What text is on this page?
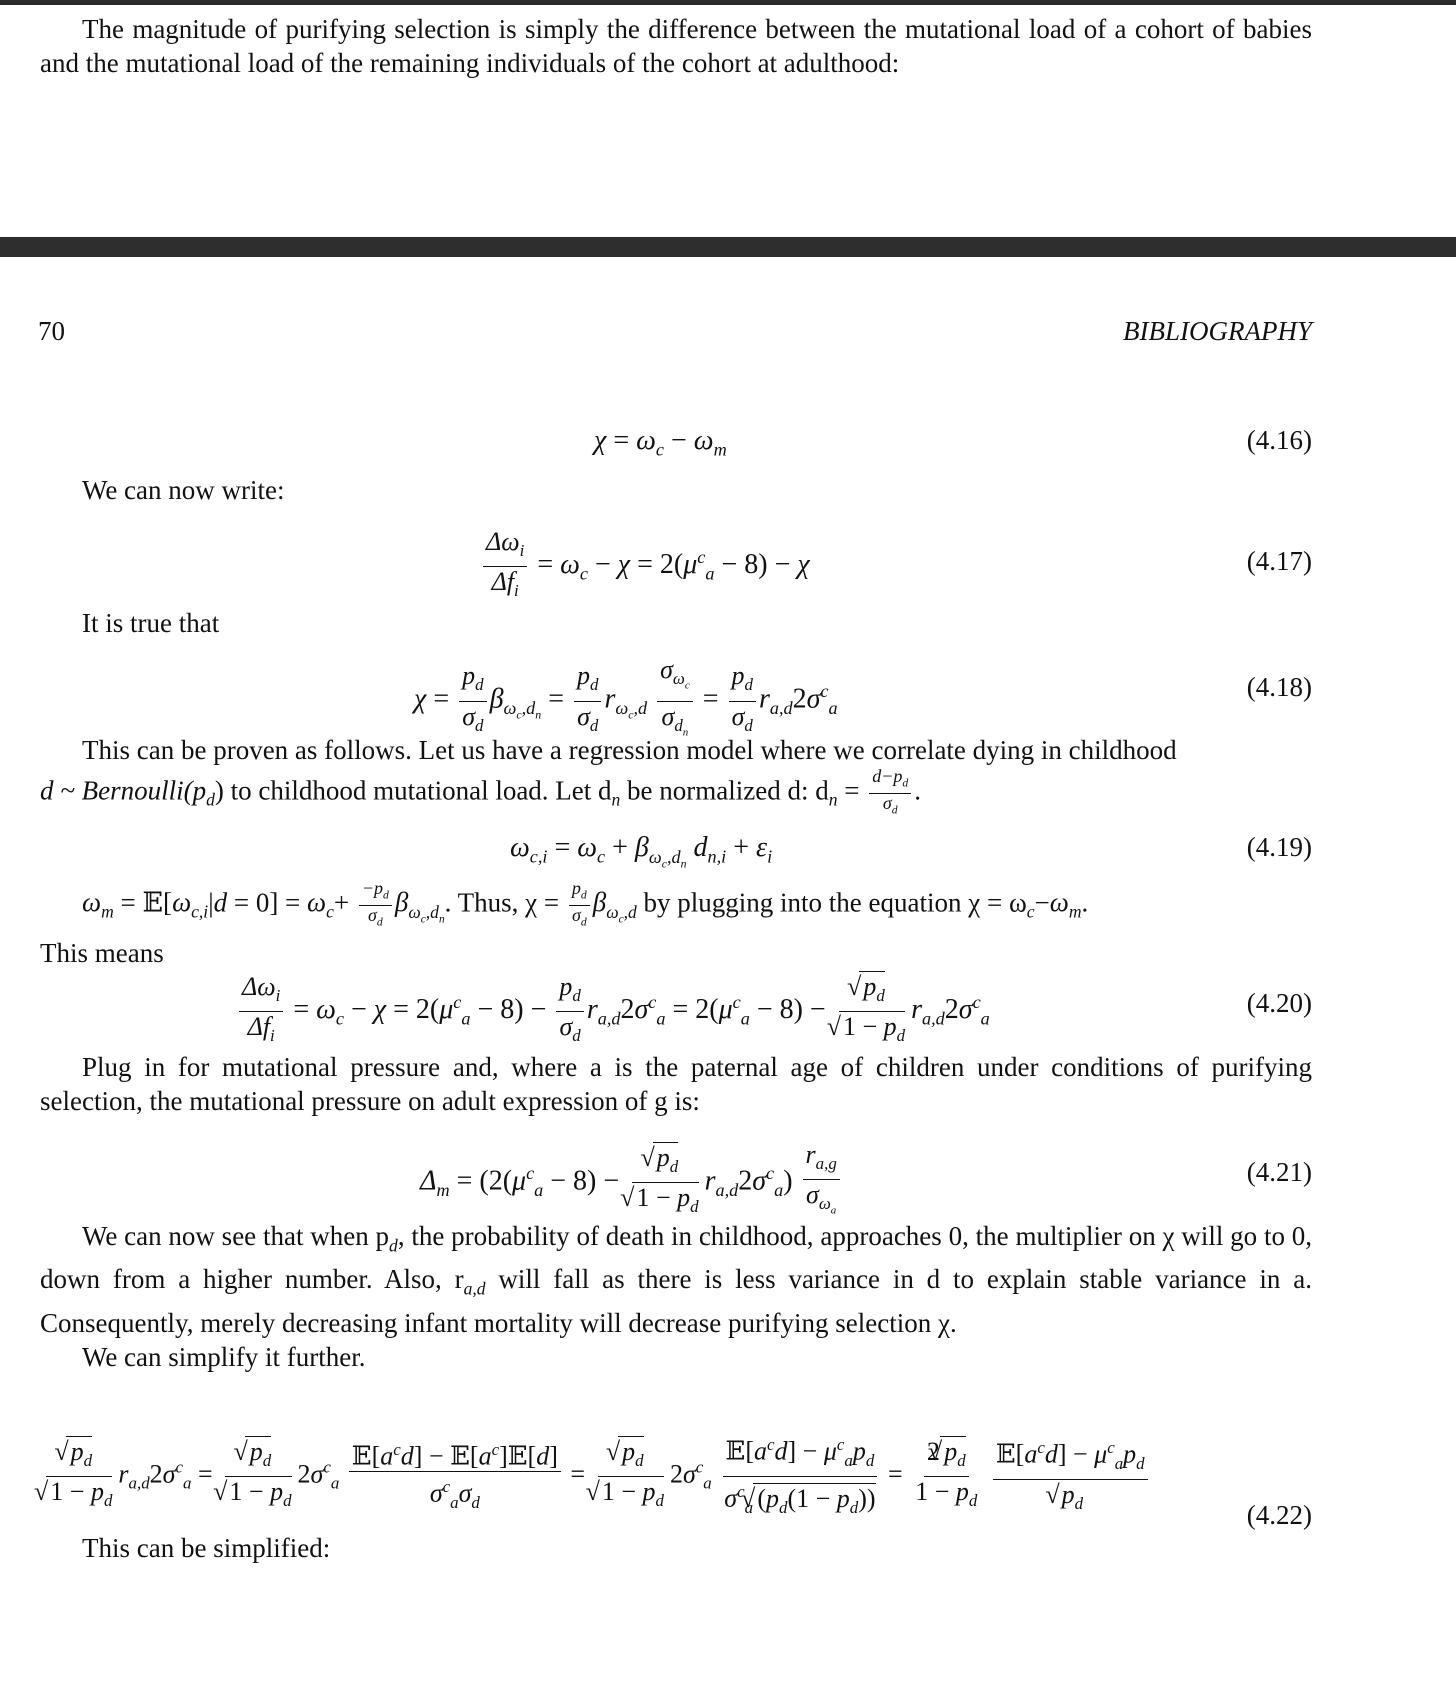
The magnitude of purifying selection is simply the difference between the mutational load of a cohort of babies and the mutational load of the remaining individuals of the cohort at adulthood:
70	BIBLIOGRAPHY
$\chi = \omega_c - \omega_m$	(4.16)
We can now write:
$\frac{\Delta\omega_i}{\Delta f_i} = \omega_c - \chi = 2(\mu^c_a - 8) - \chi$	(4.17)
It is true that
$\chi = \frac{p_d}{\sigma_d} \beta_{\omega_c,d_n} = \frac{p_d}{\sigma_d} r_{\omega_c,d} \frac{\sigma_{\omega_c}}{\sigma_{d_n}} = \frac{p_d}{\sigma_d} r_{a,d}2\sigma^c_a$
(4.18)
This can be proven as follows. Let us have a regression model where we correlate dying in childhood
d ~ $Bernoulli(p_d)$ to childhood mutational load. Let $d_n$ be normalized d: $d_n = \frac{d-p_d}{\sigma_d}$ .
$\omega_{c,i} = \omega_c + \beta_{\omega_c,d_n}$ $d_{n,i} + \varepsilon_i$	(4.19)
$\omega_m$ = $𝔼[\omega_{c,i}|d = 0] = \omega_c+ \frac{-p_d}{\sigma_d} \beta_{\omega_c,d_n}$. Thus, $\chi = \frac{p_d}{\sigma_d} \beta_{\omega_c,d}$ by plugging into the equation $\chi = \omega_c-\omega_m$.
This means
$\frac{\Delta\omega_i}{\Delta f_i} = \omega_c - \chi = 2(\mu^c_a - 8) - \frac{p_d}{\sigma_d} r_{a,d}2\sigma^c_a = 2(\mu^c_a - 8)$ − √ $p_d$
√ $1 - p_d$ $r_{a,d}2\sigma^c_a$
(4.20)
Plug in for mutational pressure and, where a is the paternal age of children under conditions of purifying selection, the mutational pressure on adult expression of g is:
$\Delta_m = (2(\mu^c_a - 8)$ − √ $p_d$
√ $1 - p_d$ $r_{a,d}2\sigma^c_a) \frac{r_{a,g}}{\sigma_{\omega_a}}$	(4.21)
We can now see that when $p_d$, the probability of death in childhood, approaches 0, the multiplier on χ will go to 0, down from a higher number. Also, $r_{a,d}$ will fall as there is less variance in d to explain stable variance in a. Consequently, merely decreasing infant mortality will decrease purifying selection χ.
We can simplify it further.
√ $p_d$
√ $1 - p_d$ $r_{a,d}2\sigma^c_a$ = √ $p_d$
√ $1 - p_d$ $2\sigma^c_a \frac{𝔼[a^cd] - 𝔼[a^c]𝔼[d]}{\sigma^c_a\sigma_d}$ = √ $p_d$
√ $1 - p_d$ $2\sigma^c_a \frac{𝔼[a^cd] - \mu^c_ap_d}{\sigma^c_a √ (p_d(1 - p_d))} = \frac{2 √ p_d}{1 - p_d}$
$𝔼[a^cd] - \mu^c_ap_d$
√ $p_d$	(4.22)
This can be simplified:
